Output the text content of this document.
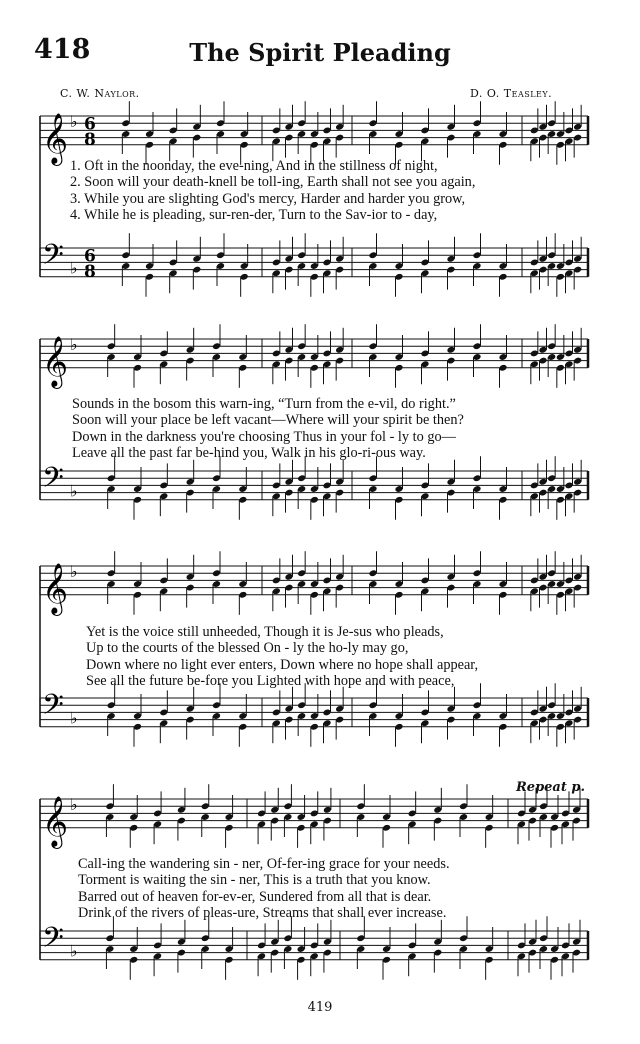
418	The Spirit Pleading
C. W. Naylor.	D. O. Teasley.
𝄞 ♭ 6
8
𝄢 ♭
6
8
𝄞 ♭
𝄢 ♭
𝄞 ♭
𝄢 ♭
𝄞 ♭
𝄢 ♭
1. Oft in the noonday, the eve-ning, And in the stillness of night,
2. Soon will your death-knell be toll-ing, Earth shall not see you again,
3. While you are slighting God's mercy, Harder and harder you grow,
4. While he is pleading, sur-ren-der, Turn to the Sav-ior to - day,
Sounds in the bosom this warn-ing, “Turn from the e-vil, do right.”
Soon will your place be left vacant—Where will your spirit be then?
Down in the darkness you're choosing Thus in your fol - ly to go—
Leave all the past far be-hind you, Walk in his glo-ri-ous way.
Yet is the voice still unheeded, Though it is Je-sus who pleads,
Up to the courts of the blessed On - ly the ho-ly may go,
Down where no light ever enters, Down where no hope shall appear,
See all the future be-fore you Lighted with hope and with peace,
Call-ing the wandering sin - ner, Of-fer-ing grace for your needs.
Torment is waiting the sin - ner, This is a truth that you know.
Barred out of heaven for-ev-er, Sundered from all that is dear.
Drink of the rivers of pleas-ure, Streams that shall ever increase.
Repeat p.
419
